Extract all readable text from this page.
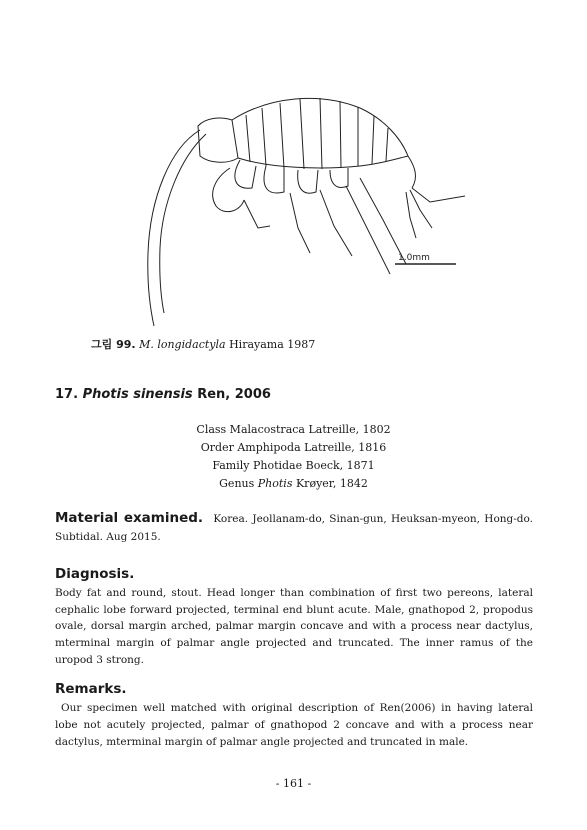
1.0mm
그림 99. M. longidactyla Hirayama 1987
17. Photis sinensis Ren, 2006
Class Malacostraca Latreille, 1802
Order Amphipoda Latreille, 1816
Family Photidae Boeck, 1871
Genus Photis Krøyer, 1842
Material examined. Korea. Jeollanam-do, Sinan-gun, Heuksan-myeon, Hong-do. Subtidal. Aug 2015.
Diagnosis.
Body fat and round, stout. Head longer than combination of first two pereons, lateral cephalic lobe forward projected, terminal end blunt acute. Male, gnathopod 2, propodus ovale, dorsal margin arched, palmar margin concave and with a process near dactylus, mterminal margin of palmar angle projected and truncated. The inner ramus of the uropod 3 strong.
Remarks.
Our specimen well matched with original description of Ren(2006) in having lateral lobe not acutely projected, palmar of gnathopod 2 concave and with a process near dactylus, mterminal margin of palmar angle projected and truncated in male.
- 161 -
